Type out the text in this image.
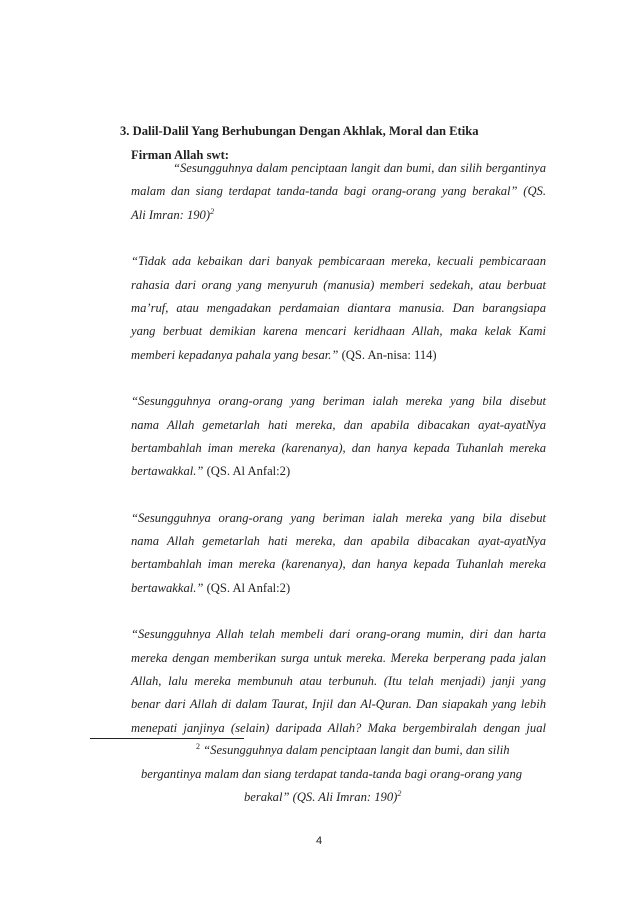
3. Dalil-Dalil Yang Berhubungan Dengan Akhlak, Moral dan Etika
Firman Allah swt:
“Sesungguhnya dalam penciptaan langit dan bumi, dan silih bergantinya
malam dan siang terdapat tanda-tanda bagi orang-orang yang berakal” (QS.
Ali Imran: 190)$^2$
“Tidak ada kebaikan dari banyak pembicaraan mereka, kecuali pembicaraan
rahasia dari orang yang menyuruh (manusia) memberi sedekah, atau berbuat
ma’ruf, atau mengadakan perdamaian diantara manusia. Dan barangsiapa
yang berbuat demikian karena mencari keridhaan Allah, maka kelak Kami
memberi kepadanya pahala yang besar.” (QS. An-nisa: 114)
“Sesungguhnya orang-orang yang beriman ialah mereka yang bila disebut
nama Allah gemetarlah hati mereka, dan apabila dibacakan ayat-ayatNya
bertambahlah iman mereka (karenanya), dan hanya kepada Tuhanlah mereka
bertawakkal.” (QS. Al Anfal:2)
“Sesungguhnya orang-orang yang beriman ialah mereka yang bila disebut
nama Allah gemetarlah hati mereka, dan apabila dibacakan ayat-ayatNya
bertambahlah iman mereka (karenanya), dan hanya kepada Tuhanlah mereka
bertawakkal.” (QS. Al Anfal:2)
“Sesungguhnya Allah telah membeli dari orang-orang mumin, diri dan harta
mereka dengan memberikan surga untuk mereka. Mereka berperang pada jalan
Allah, lalu mereka membunuh atau terbunuh. (Itu telah menjadi) janji yang
benar dari Allah di dalam Taurat, Injil dan Al-Quran. Dan siapakah yang lebih
menepati janjinya (selain) daripada Allah? Maka bergembiralah dengan jual
$^2$ “Sesungguhnya dalam penciptaan langit dan bumi, dan silih
bergantinya malam dan siang terdapat tanda-tanda bagi orang-orang yang
berakal” (QS. Ali Imran: 190)$^2$
4
